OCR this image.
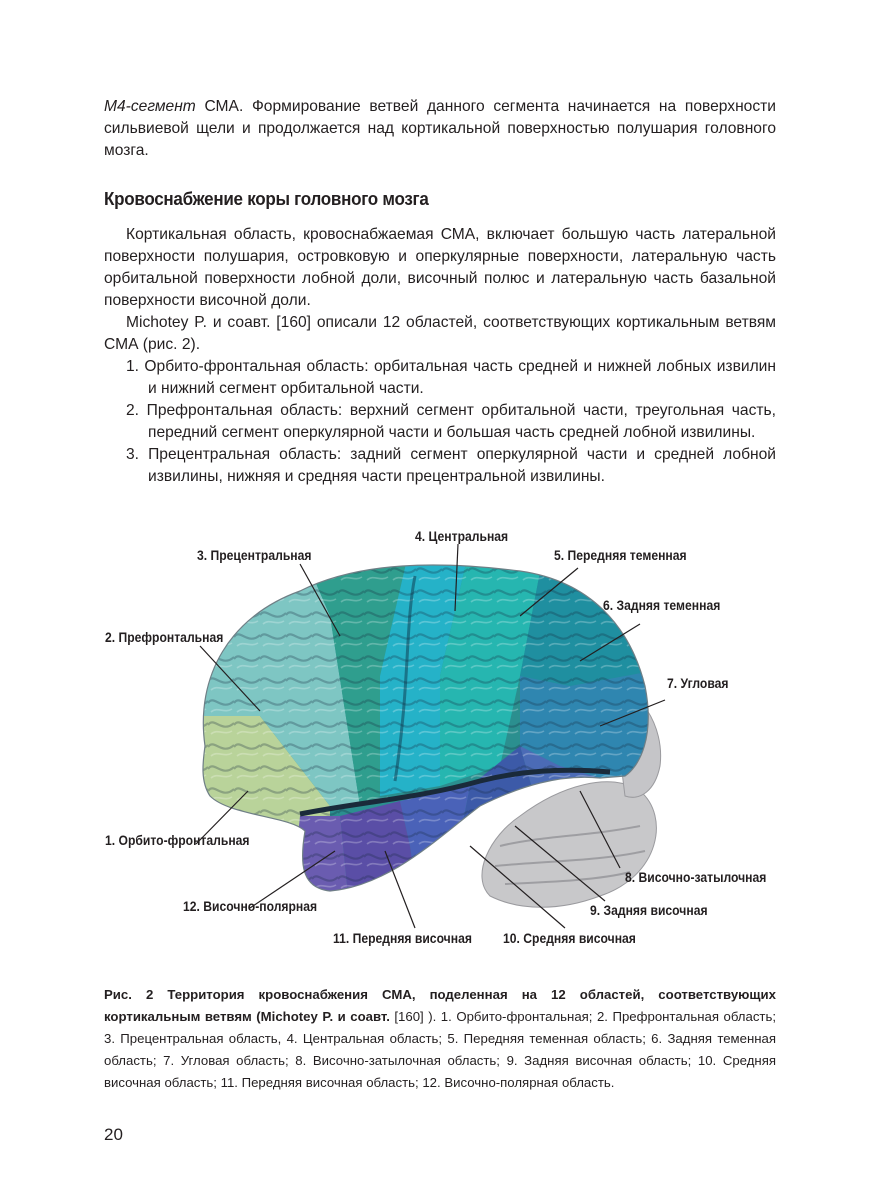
M4-сегмент СМА. Формирование ветвей данного сегмента начинается на поверхности сильвиевой щели и продолжается над кортикальной поверхностью полушария головного мозга.

Кровоснабжение коры головного мозга

Кортикальная область, кровоснабжаемая СМА, включает большую часть латеральной поверхности полушария, островковую и оперкулярные поверхности, латеральную часть орбитальной поверхности лобной доли, височный полюс и латеральную часть базальной поверхности височной доли.

Michotey P. и соавт. [160] описали 12 областей, соответствующих кортикальным ветвям СМА (рис. 2).

1. Орбито-фронтальная область: орбитальная часть средней и нижней лобных извилин и нижний сегмент орбитальной части.
2. Префронтальная область: верхний сегмент орбитальной части, треугольная часть, передний сегмент оперкулярной части и большая часть средней лобной извилины.
3. Прецентральная область: задний сегмент оперкулярной части и средней лобной извилины, нижняя и средняя части прецентральной извилины.
1. Орбито-фронтальная
2. Префронтальная
3. Прецентральная
4. Центральная
5. Передняя теменная
6. Задняя теменная
7. Угловая
8. Височно-затылочная
9. Задняя височная
10. Средняя височная
11. Передняя височная
12. Височно-полярная
Рис. 2 Территория кровоснабжения СМА, поделенная на 12 областей, соответствующих кортикальным ветвям (Michotey P. и соавт. [160] ). 1. Орбито-фронтальная; 2. Префронтальная область; 3. Прецентральная область, 4. Центральная область; 5. Передняя теменная область; 6. Задняя теменная область; 7. Угловая область; 8. Височно-затылочная область; 9. Задняя височная область; 10. Средняя височная область; 11. Передняя височная область; 12. Височно-полярная область.
20
